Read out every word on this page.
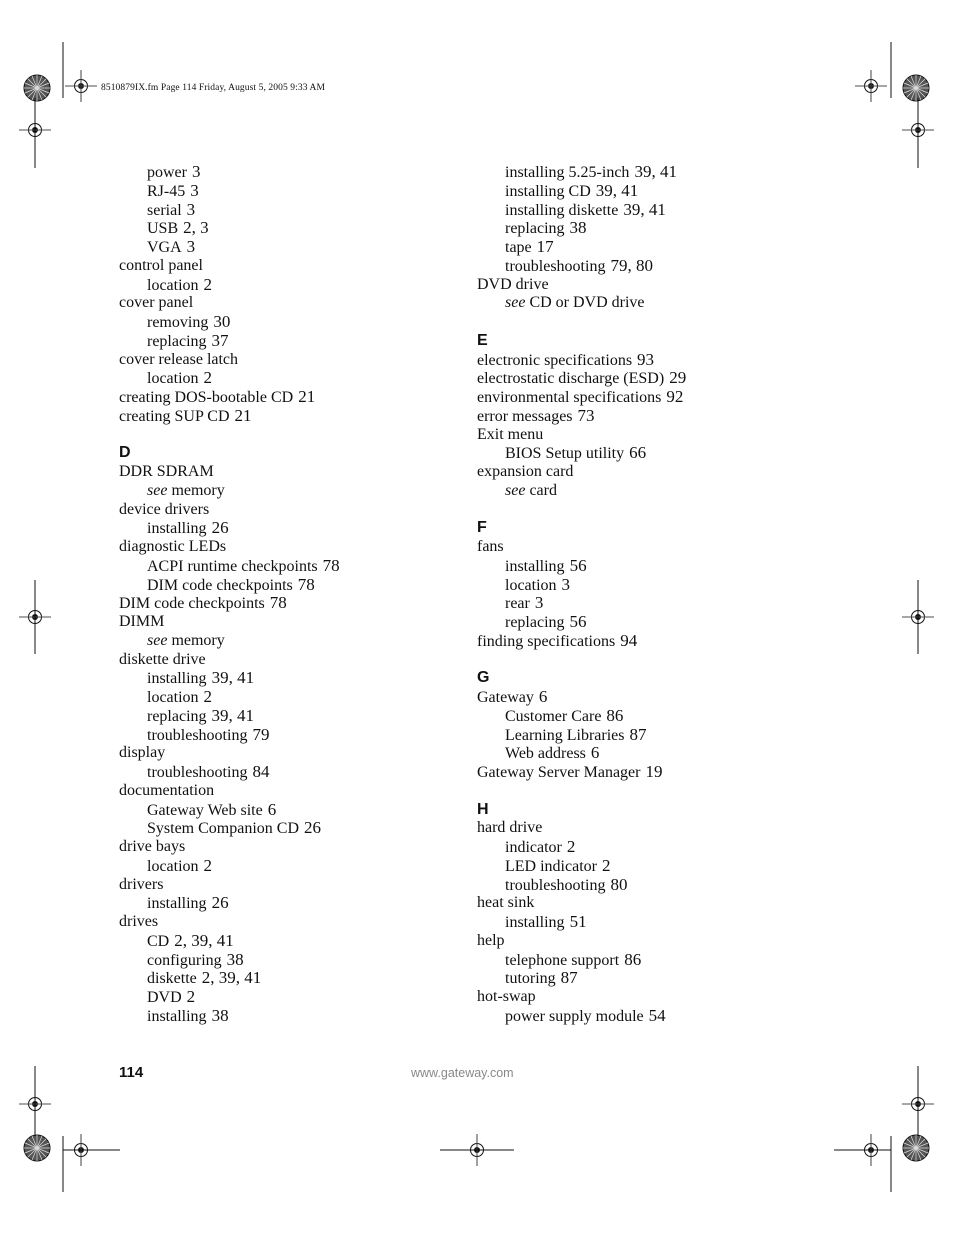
8510879IX.fm Page 114 Friday, August 5, 2005 9:33 AM
power 3
RJ-45 3
serial 3
USB 2, 3
VGA 3
control panel
location 2
cover panel
removing 30
replacing 37
cover release latch
location 2
creating DOS-bootable CD 21
creating SUP CD 21
D
DDR SDRAM
see memory
device drivers
installing 26
diagnostic LEDs
ACPI runtime checkpoints 78
DIM code checkpoints 78
DIM code checkpoints 78
DIMM
see memory
diskette drive
installing 39, 41
location 2
replacing 39, 41
troubleshooting 79
display
troubleshooting 84
documentation
Gateway Web site 6
System Companion CD 26
drive bays
location 2
drivers
installing 26
drives
CD 2, 39, 41
configuring 38
diskette 2, 39, 41
DVD 2
installing 38
installing 5.25-inch 39, 41
installing CD 39, 41
installing diskette 39, 41
replacing 38
tape 17
troubleshooting 79, 80
DVD drive
see CD or DVD drive
E
electronic specifications 93
electrostatic discharge (ESD) 29
environmental specifications 92
error messages 73
Exit menu
BIOS Setup utility 66
expansion card
see card
F
fans
installing 56
location 3
rear 3
replacing 56
finding specifications 94
G
Gateway 6
Customer Care 86
Learning Libraries 87
Web address 6
Gateway Server Manager 19
H
hard drive
indicator 2
LED indicator 2
troubleshooting 80
heat sink
installing 51
help
telephone support 86
tutoring 87
hot-swap
power supply module 54
114	www.gateway.com
